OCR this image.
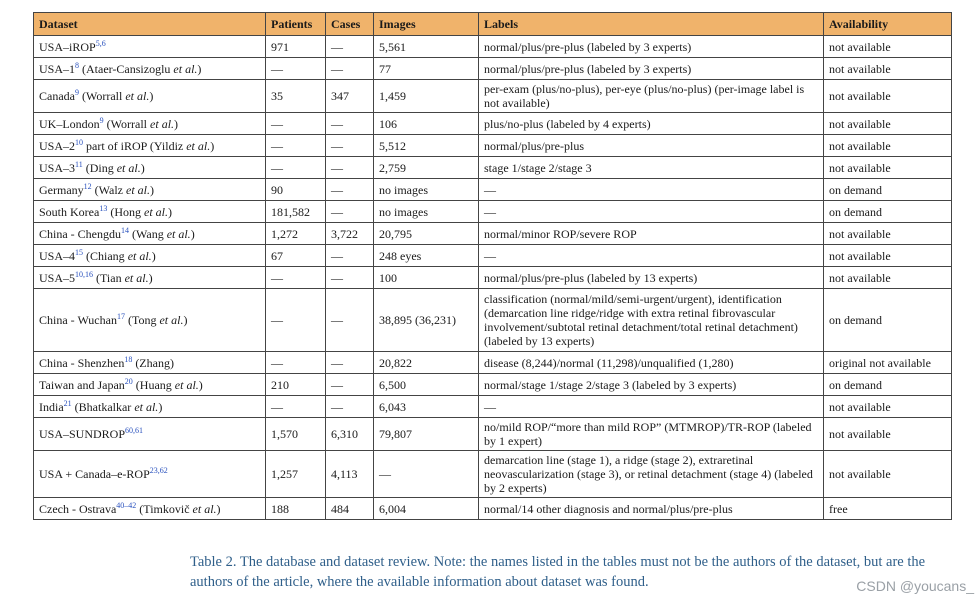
Dataset	Patients	Cases	Images	Labels	Availability
USA–iROP$^{5,6}$	971	—	5,561	normal/plus/pre-plus (labeled by 3 experts)	not available
USA–$1^8$ (Ataer-Cansizoglu et al.)	—	—	77	normal/plus/pre-plus (labeled by 3 experts)	not available
Canada$^9$ (Worrall et al.)	35	347	1,459	per-exam (plus/no-plus), per-eye (plus/no-plus) (per-image label is not available)	not available
UK–London$^9$ (Worrall et al.)	—	—	106	plus/no-plus (labeled by 4 experts)	not available
USA–$2^{10}$ part of iROP (Yildiz et al.)	—	—	5,512	normal/plus/pre-plus	not available
USA–$3^{11}$ (Ding et al.)	—	—	2,759	stage 1/stage 2/stage 3	not available
Germany$^{12}$ (Walz et al.)	90	—	no images	—	on demand
South Korea$^{13}$ (Hong et al.)	181,582	—	no images	—	on demand
China - Chengdu$^{14}$ (Wang et al.)	1,272	3,722	20,795	normal/minor ROP/severe ROP	not available
USA–$4^{15}$ (Chiang et al.)	67	—	248 eyes	—	not available
USA–5$^{10,16}$ (Tian et al.)	—	—	100	normal/plus/pre-plus (labeled by 13 experts)	not available
China - Wuchan$^{17}$ (Tong et al.)	—	—	38,895 (36,231)	classification (normal/mild/semi-urgent/urgent), identification (demarcation line ridge/ridge with extra retinal fibrovascular involvement/subtotal retinal detachment/total retinal detachment) (labeled by 13 experts)	on demand
China - Shenzhen$^{18}$ (Zhang)	—	—	20,822	disease (8,244)/normal (11,298)/unqualified (1,280)	original not available
Taiwan and Japan$^{20}$ (Huang et al.)	210	—	6,500	normal/stage 1/stage 2/stage 3 (labeled by 3 experts)	on demand
India$^{21}$ (Bhatkalkar et al.)	—	—	6,043	—	not available
USA–SUNDROP$^{60,61}$	1,570	6,310	79,807	no/mild ROP/“more than mild ROP” (MTMROP)/TR-ROP (labeled by 1 expert)	not available
USA + Canada–e-ROP$^{23,62}$	1,257	4,113	—	demarcation line (stage 1), a ridge (stage 2), extraretinal neovascularization (stage 3), or retinal detachment (stage 4) (labeled by 2 experts)	not available
Czech - Ostrava$^{40-42}$ (Timkovič et al.)	188	484	6,004	normal/14 other diagnosis and normal/plus/pre-plus	free
Table 2. The database and dataset review. Note: the names listed in the tables must not be the authors of the dataset, but are the authors of the article, where the available information about dataset was found.	CSDN @youcans_
